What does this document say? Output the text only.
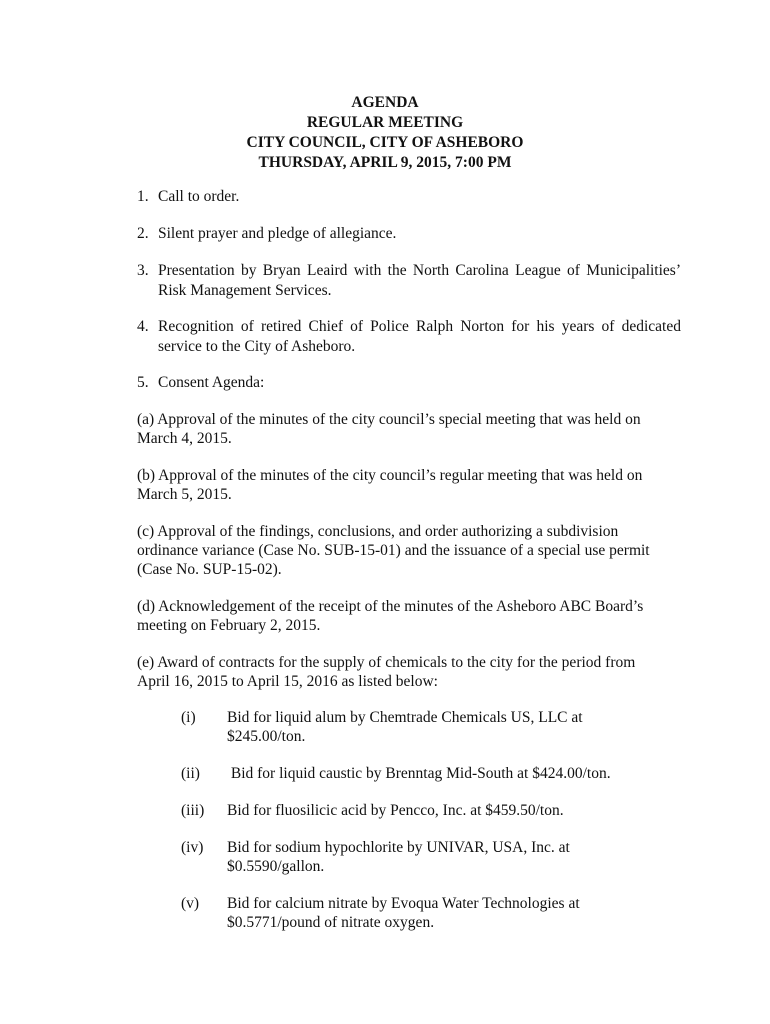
AGENDA
REGULAR MEETING
CITY COUNCIL, CITY OF ASHEBORO
THURSDAY, APRIL 9, 2015, 7:00 PM
1. Call to order.
2. Silent prayer and pledge of allegiance.
3. Presentation by Bryan Leaird with the North Carolina League of Municipalities’ Risk Management Services.
4. Recognition of retired Chief of Police Ralph Norton for his years of dedicated service to the City of Asheboro.
5. Consent Agenda:
(a) Approval of the minutes of the city council’s special meeting that was held on March 4, 2015.
(b) Approval of the minutes of the city council’s regular meeting that was held on March 5, 2015.
(c) Approval of the findings, conclusions, and order authorizing a subdivision ordinance variance (Case No. SUB-15-01) and the issuance of a special use permit (Case No. SUP-15-02).
(d) Acknowledgement of the receipt of the minutes of the Asheboro ABC Board’s meeting on February 2, 2015.
(e) Award of contracts for the supply of chemicals to the city for the period from April 16, 2015 to April 15, 2016 as listed below:
(i) Bid for liquid alum by Chemtrade Chemicals US, LLC at $245.00/ton.
(ii) Bid for liquid caustic by Brenntag Mid-South at $424.00/ton.
(iii) Bid for fluosilicic acid by Pencco, Inc. at $459.50/ton.
(iv) Bid for sodium hypochlorite by UNIVAR, USA, Inc. at $0.5590/gallon.
(v) Bid for calcium nitrate by Evoqua Water Technologies at $0.5771/pound of nitrate oxygen.
